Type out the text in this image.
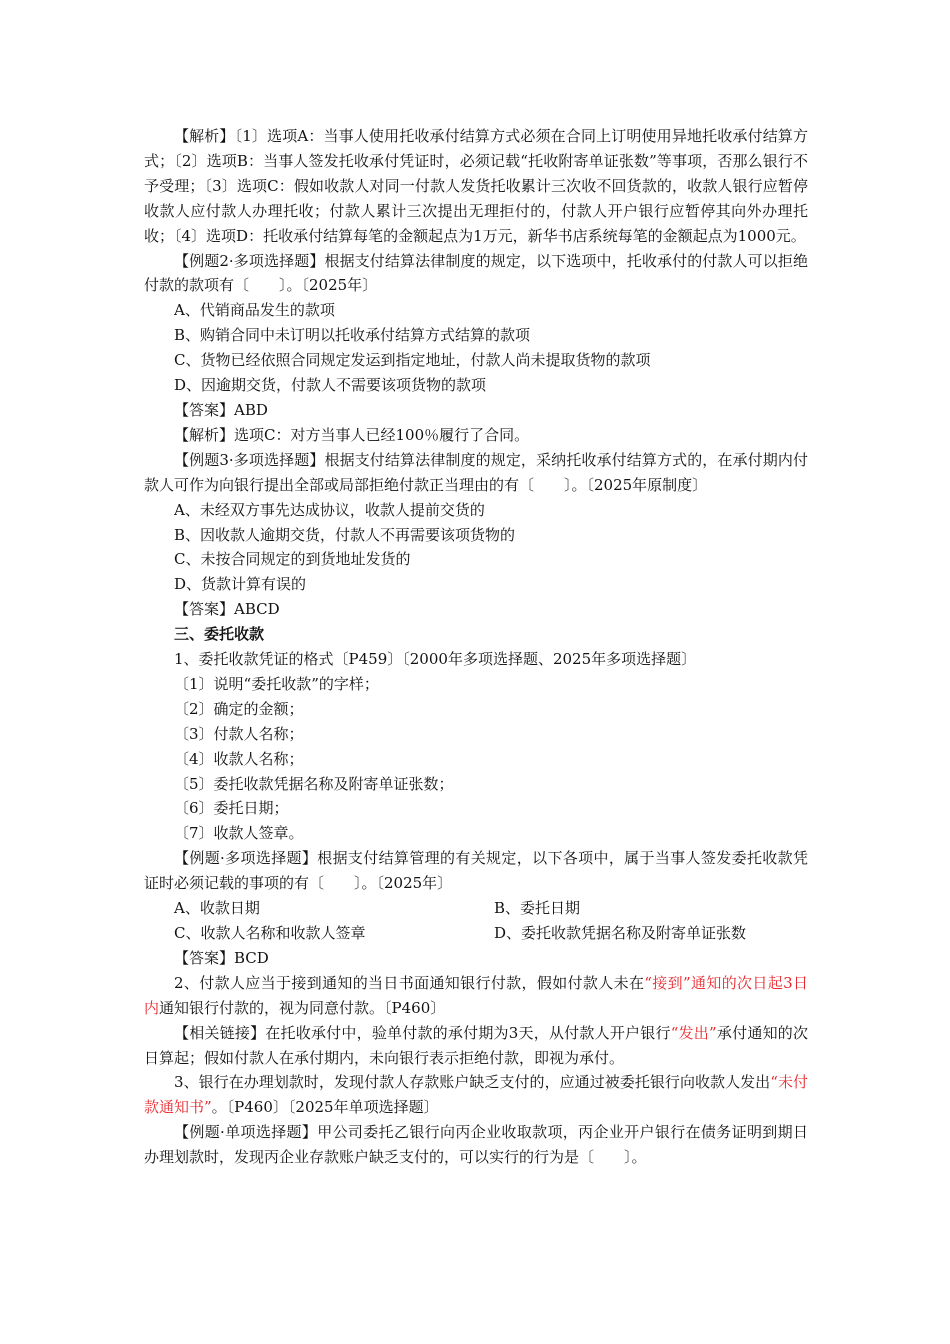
【解析】〔1〕选项A：当事人使用托收承付结算方式必须在合同上订明使用异地托收承付结算方式；〔2〕选项B：当事人签发托收承付凭证时，必须记载“托收附寄单证张数”等事项，否那么银行不予受理；〔3〕选项C：假如收款人对同一付款人发货托收累计三次收不回货款的，收款人银行应暂停收款人应付款人办理托收；付款人累计三次提出无理拒付的，付款人开户银行应暂停其向外办理托收；〔4〕选项D：托收承付结算每笔的金额起点为1万元，新华书店系统每笔的金额起点为1000元。

【例题2·多项选择题】根据支付结算法律制度的规定，以下选项中，托收承付的付款人可以拒绝付款的款项有〔　　〕。〔2025年〕

A、代销商品发生的款项

B、购销合同中未订明以托收承付结算方式结算的款项

C、货物已经依照合同规定发运到指定地址，付款人尚未提取货物的款项

D、因逾期交货，付款人不需要该项货物的款项

【答案】ABD

【解析】选项C：对方当事人已经100％履行了合同。

【例题3·多项选择题】根据支付结算法律制度的规定，采纳托收承付结算方式的，在承付期内付款人可作为向银行提出全部或局部拒绝付款正当理由的有〔　　〕。〔2025年原制度〕

A、未经双方事先达成协议，收款人提前交货的

B、因收款人逾期交货，付款人不再需要该项货物的

C、未按合同规定的到货地址发货的

D、货款计算有误的

【答案】ABCD

三、委托收款

1、委托收款凭证的格式〔P459〕〔2000年多项选择题、2025年多项选择题〕

〔1〕说明“委托收款”的字样；

〔2〕确定的金额；

〔3〕付款人名称；

〔4〕收款人名称；

〔5〕委托收款凭据名称及附寄单证张数；

〔6〕委托日期；

〔7〕收款人签章。

【例题·多项选择题】根据支付结算管理的有关规定，以下各项中，属于当事人签发委托收款凭证时必须记载的事项的有〔　　〕。〔2025年〕

A、收款日期	B、委托日期
C、收款人名称和收款人签章	D、委托收款凭据名称及附寄单证张数

【答案】BCD

2、付款人应当于接到通知的当日书面通知银行付款，假如付款人未在“接到”通知的次日起3日内通知银行付款的，视为同意付款。〔P460〕

【相关链接】在托收承付中，验单付款的承付期为3天，从付款人开户银行“发出”承付通知的次日算起；假如付款人在承付期内，未向银行表示拒绝付款，即视为承付。

3、银行在办理划款时，发现付款人存款账户缺乏支付的，应通过被委托银行向收款人发出“未付款通知书”。〔P460〕〔2025年单项选择题〕

【例题·单项选择题】甲公司委托乙银行向丙企业收取款项，丙企业开户银行在债务证明到期日办理划款时，发现丙企业存款账户缺乏支付的，可以实行的行为是〔　　〕。
